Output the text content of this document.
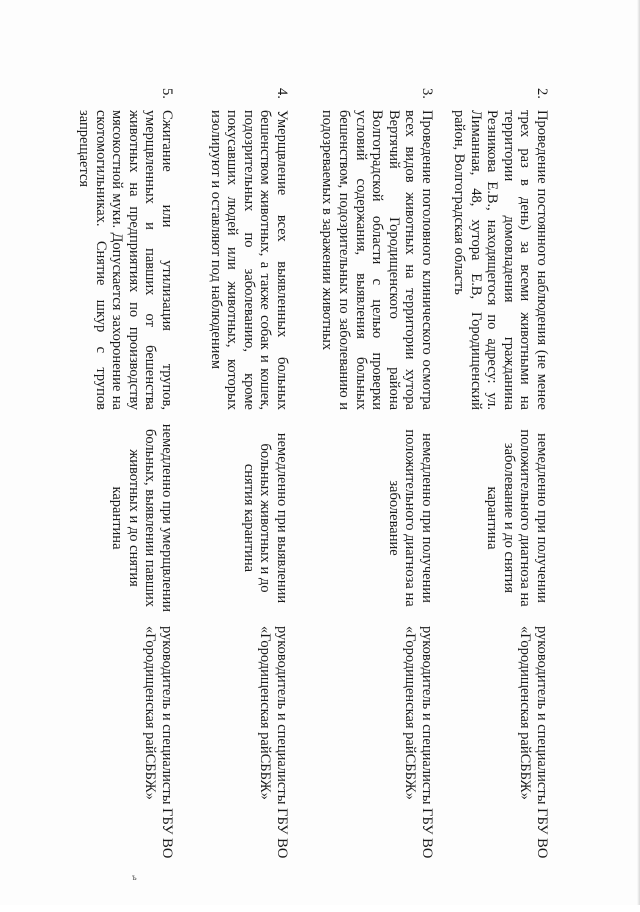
2.
Проведение постоянного наблюдения (не менее трех раз в день) за всеми животными на территории домовладения гражданина Резникова Е.В., находящегося по адресу: ул. Лиманная, 48, хутора Е.В, Городищенский район, Волгоградская область
немедленно при получении положительного диагноза на заболевание и до снятия карантина
руководитель и специалисты ГБУ ВО «Городищенская райСББЖ»
3.
Проведение поголовного клинического осмотра всех видов животных на территории хутора Вертячий Городищенского района Волгоградской области с целью проверки условий содержания, выявления больных бешенством, подозрительных по заболеванию и подозреваемых в заражении животных
немедленно при получении положительного диагноза на заболевание
руководитель и специалисты ГБУ ВО «Городищенская райСББЖ»
4.
Умерщвление всех выявленных больных бешенством животных, а также собак и кошек, подозрительных по заболеванию, кроме покусавших людей или животных, которых изолируют и оставляют под наблюдением
немедленно при выявлении больных животных и до снятия карантина
руководитель и специалисты ГБУ ВО «Городищенская райСББЖ»
5.
Сжигание или утилизация трупов, умерщвленных и павших от бешенства животных на предприятиях по производству мясокостной муки. Допускается захоронение на скотомогильниках. Снятие шкур с трупов запрещается
немедленно при умерщвлении больных, выявлении павших животных и до снятия карантина
руководитель и специалисты ГБУ ВО «Городищенская райСББЖ»
ъ
